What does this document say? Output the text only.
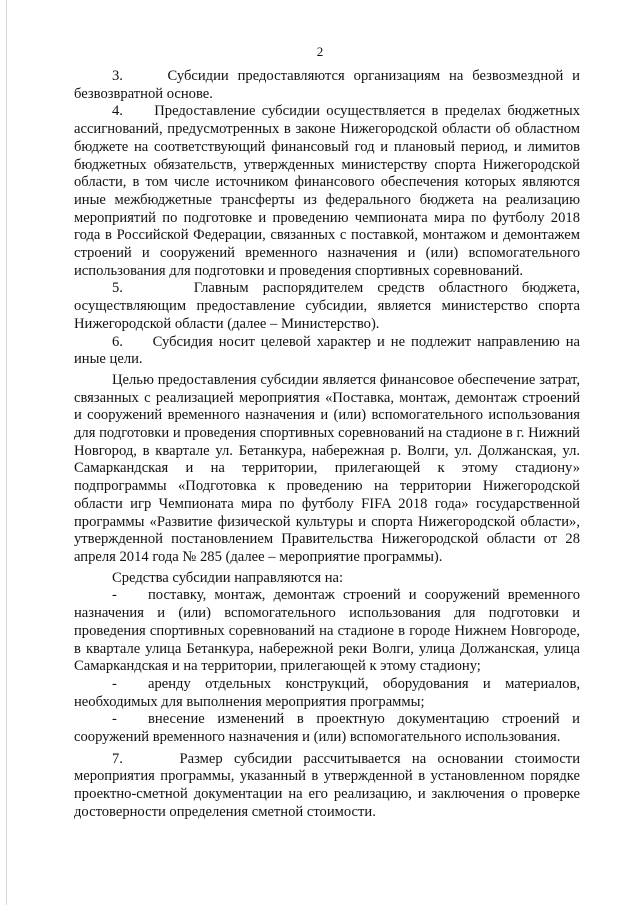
2

3.     Субсидии предоставляются организациям на безвозмездной и безвозвратной основе.

4.     Предоставление субсидии осуществляется в пределах бюджетных ассигнований, предусмотренных в законе Нижегородской области об областном бюджете на соответствующий финансовый год и плановый период, и лимитов бюджетных обязательств, утвержденных министерству спорта Нижегородской области, в том числе источником финансового обеспечения которых являются иные межбюджетные трансферты из федерального бюджета на реализацию мероприятий по подготовке и проведению чемпионата мира по футболу 2018 года в Российской Федерации, связанных с поставкой, монтажом и демонтажем строений и сооружений временного назначения и (или) вспомогательного использования для подготовки и проведения спортивных соревнований.

5.     Главным распорядителем средств областного бюджета, осуществляющим предоставление субсидии, является министерство спорта Нижегородской области (далее – Министерство).

6.     Субсидия носит целевой характер и не подлежит направлению на иные цели.

Целью предоставления субсидии является финансовое обеспечение затрат, связанных с реализацией мероприятия «Поставка, монтаж, демонтаж строений и сооружений временного назначения и (или) вспомогательного использования для подготовки и проведения спортивных соревнований на стадионе в г. Нижний Новгород, в квартале ул. Бетанкура, набережная р. Волги, ул. Должанская, ул. Самаркандская и на территории, прилегающей к этому стадиону» подпрограммы «Подготовка к проведению на территории Нижегородской области игр Чемпионата мира по футболу FIFA 2018 года» государственной программы «Развитие физической культуры и спорта Нижегородской области», утвержденной постановлением Правительства Нижегородской области от 28 апреля 2014 года № 285 (далее – мероприятие программы).

Средства субсидии направляются на:

- поставку, монтаж, демонтаж строений и сооружений временного назначения и (или) вспомогательного использования для подготовки и проведения спортивных соревнований на стадионе в городе Нижнем Новгороде, в квартале улица Бетанкура, набережной реки Волги, улица Должанская, улица Самаркандская и на территории, прилегающей к этому стадиону;

- аренду отдельных конструкций, оборудования и материалов, необходимых для выполнения мероприятия программы;

- внесение изменений в проектную документацию строений и сооружений временного назначения и (или) вспомогательного использования.

7.     Размер субсидии рассчитывается на основании стоимости мероприятия программы, указанный в утвержденной в установленном порядке проектно-сметной документации на его реализацию, и заключения о проверке достоверности определения сметной стоимости.
